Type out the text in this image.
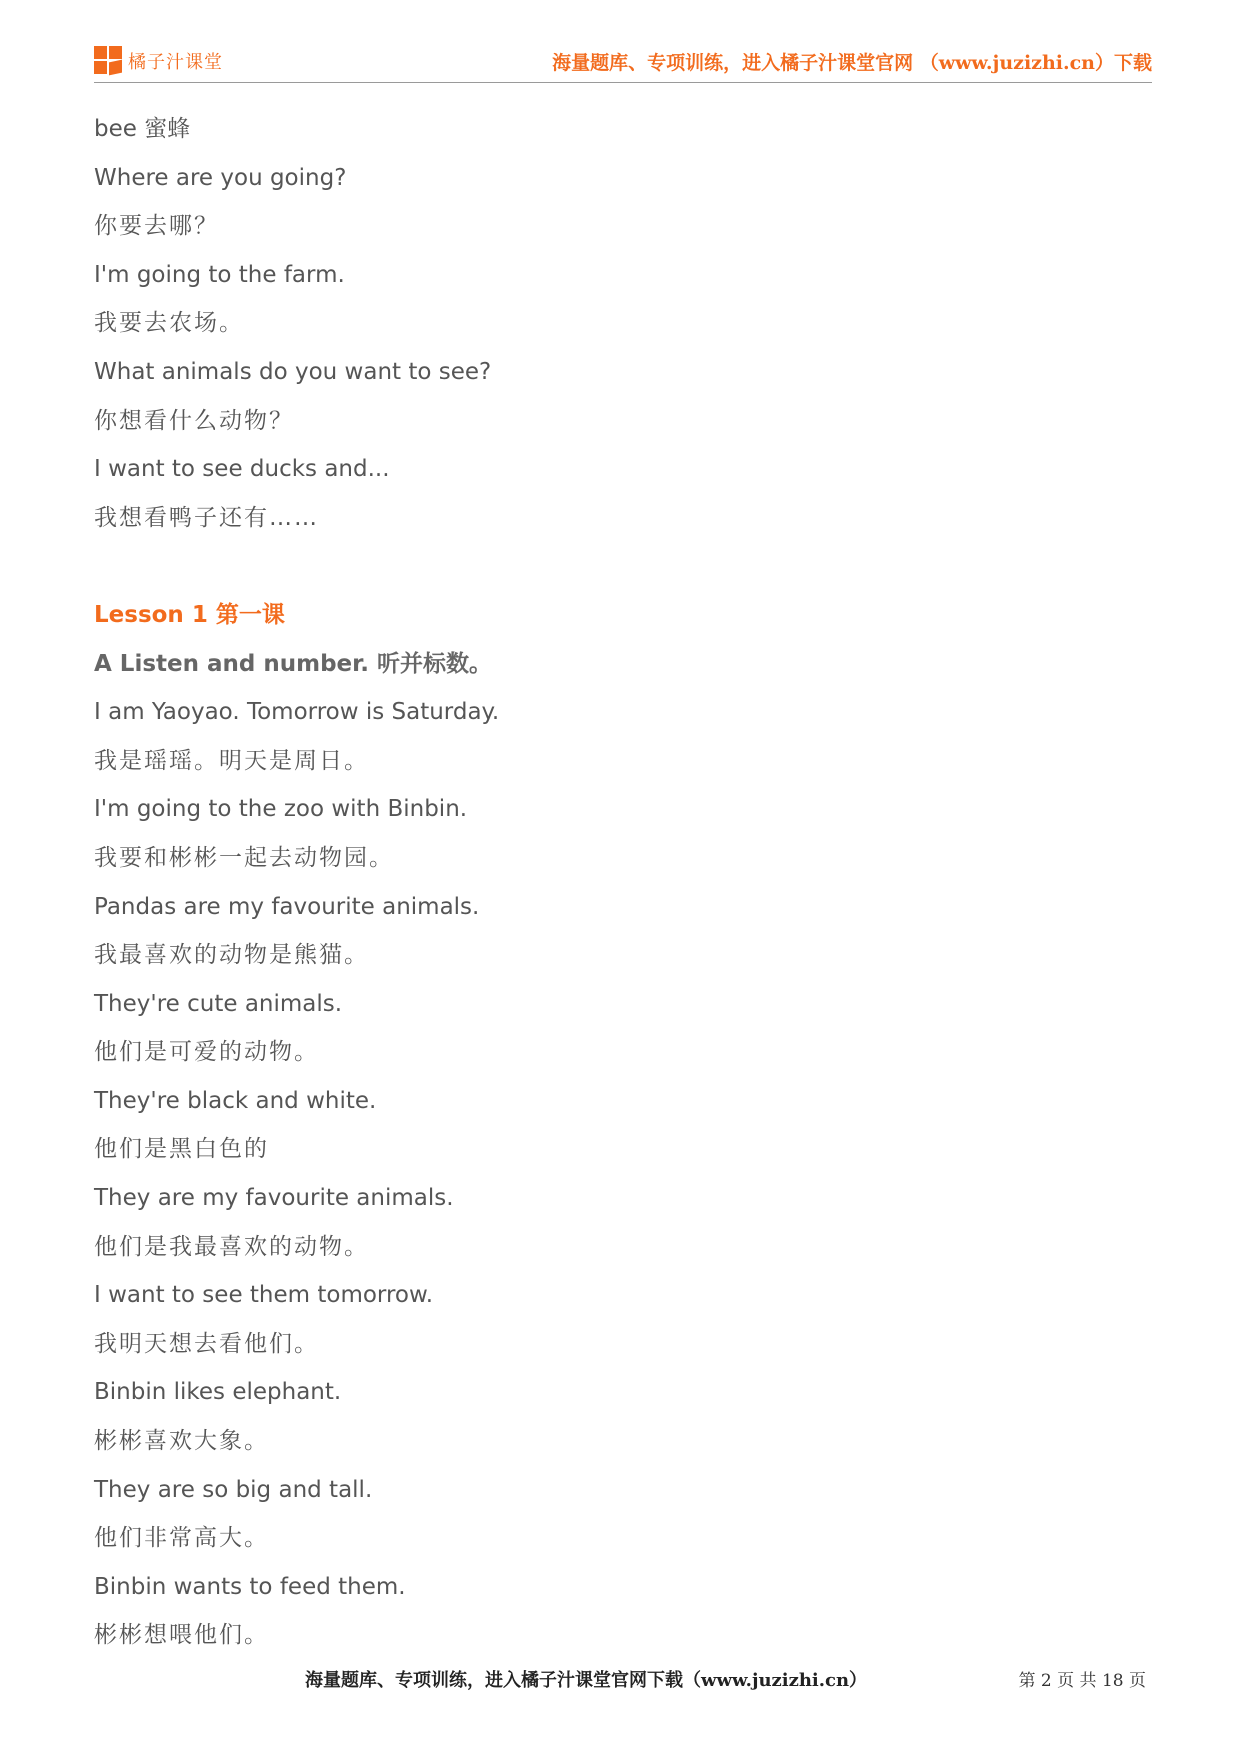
橘子汁课堂	海量题库、专项训练，进入橘子汁课堂官网 （www.juzizhi.cn）下载
bee 蜜蜂
Where are you going?
你要去哪？
I'm going to the farm.
我要去农场。
What animals do you want to see?
你想看什么动物？
I want to see ducks and...
我想看鸭子还有……
Lesson 1 第一课
A Listen and number. 听并标数。
I am Yaoyao. Tomorrow is Saturday.
我是瑶瑶。明天是周日。
I'm going to the zoo with Binbin.
我要和彬彬一起去动物园。
Pandas are my favourite animals.
我最喜欢的动物是熊猫。
They're cute animals.
他们是可爱的动物。
They're black and white.
他们是黑白色的
They are my favourite animals.
他们是我最喜欢的动物。
I want to see them tomorrow.
我明天想去看他们。
Binbin likes elephant.
彬彬喜欢大象。
They are so big and tall.
他们非常高大。
Binbin wants to feed them.
彬彬想喂他们。
海量题库、专项训练，进入橘子汁课堂官网下载（www.juzizhi.cn）	第 2 页 共 18 页
